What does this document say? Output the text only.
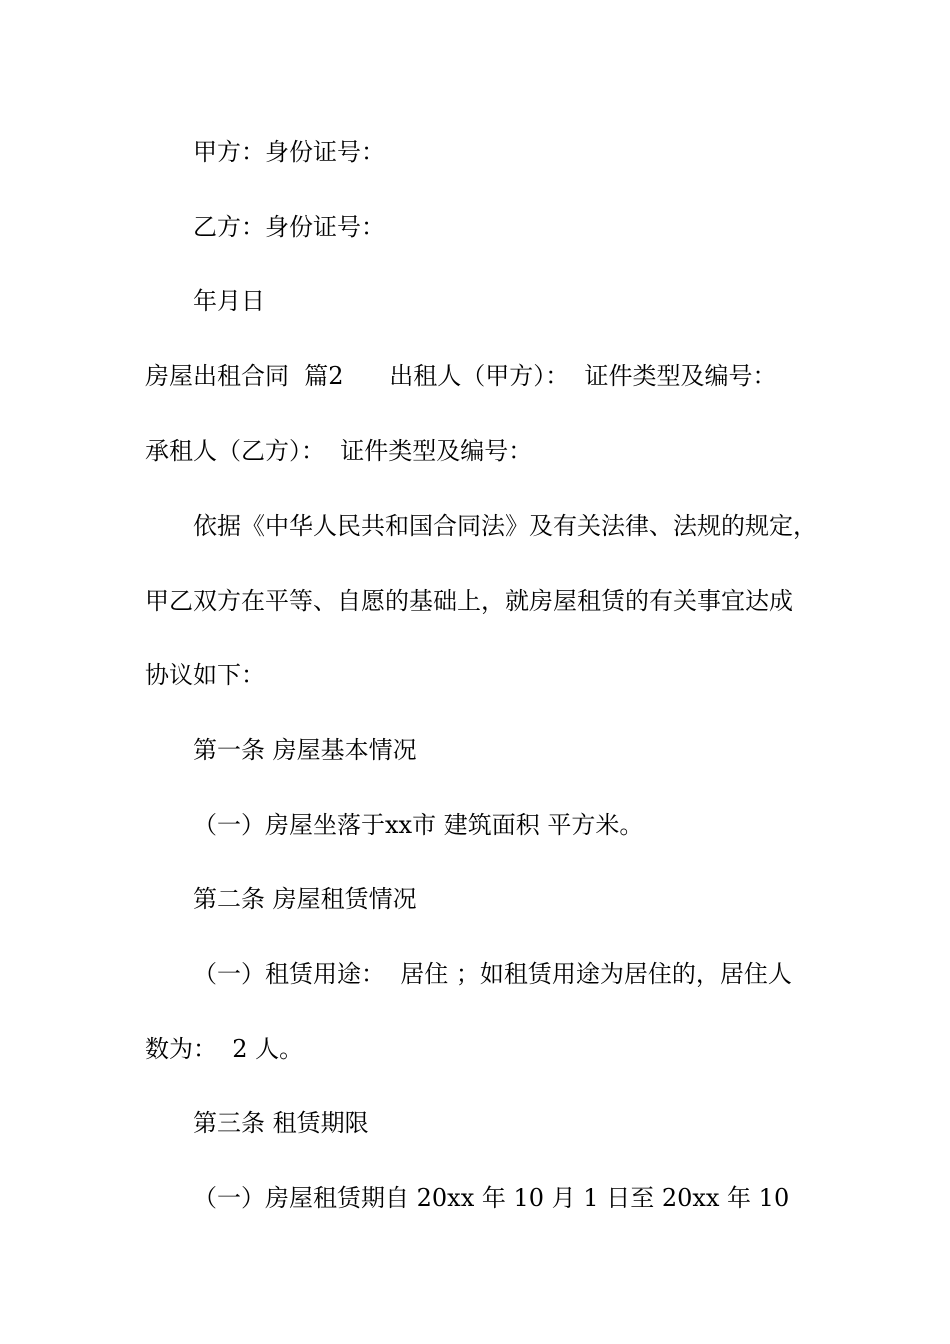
甲方：身份证号：
乙方：身份证号：
年月日
房屋出租合同  篇2      出租人（甲方）：  证件类型及编号：
承租人（乙方）：  证件类型及编号：
依据《中华人民共和国合同法》及有关法律、法规的规定，
甲乙双方在平等、自愿的基础上，就房屋租赁的有关事宜达成
协议如下：
第一条 房屋基本情况
（一）房屋坐落于xx市 建筑面积 平方米。
第二条 房屋租赁情况
（一）租赁用途：  居住 ；如租赁用途为居住的，居住人
数为：  2 人。
第三条 租赁期限
（一）房屋租赁期自 20xx 年 10 月 1 日至 20xx 年 10
